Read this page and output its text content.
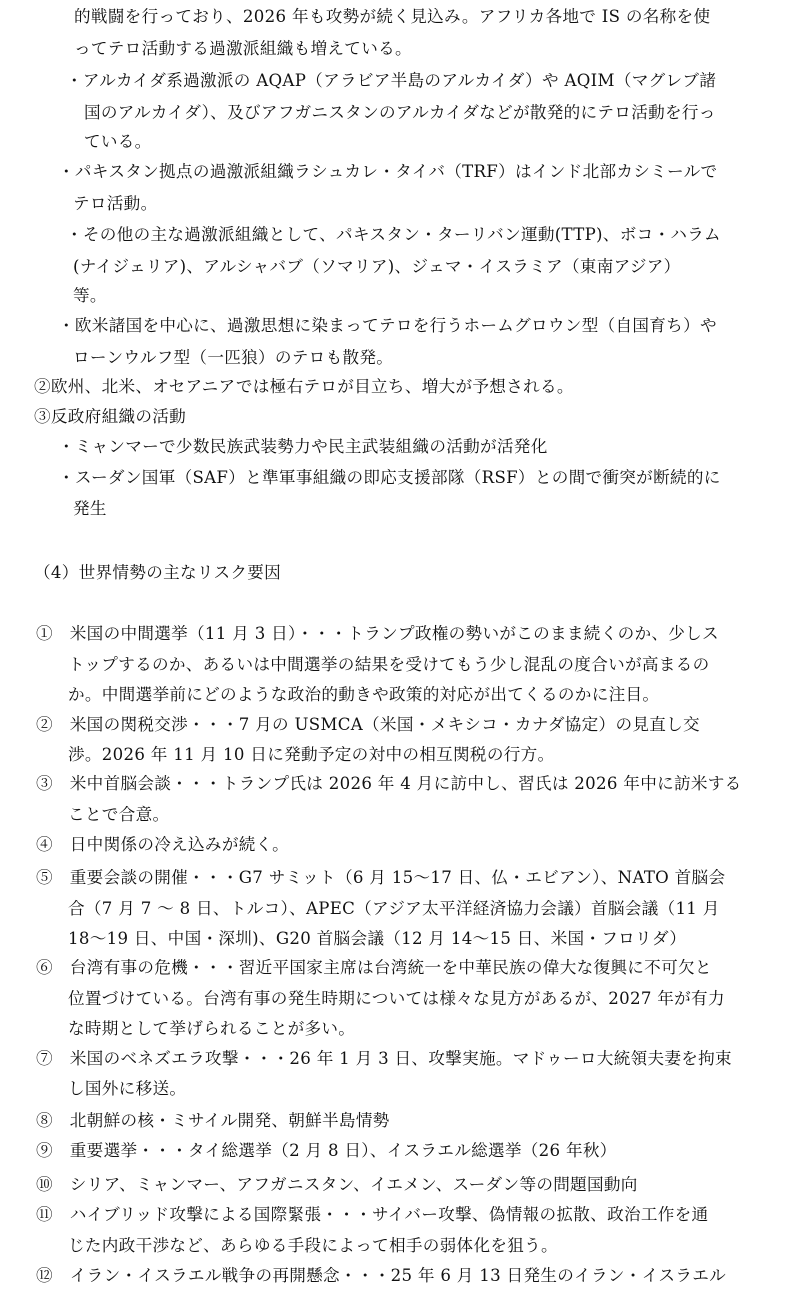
的戦闘を行っており、2026 年も攻勢が続く見込み。アフリカ各地で IS の名称を使
ってテロ活動する過激派組織も増えている。
・アルカイダ系過激派の AQAP（アラビア半島のアルカイダ）や AQIM（マグレブ諸
国のアルカイダ）、及びアフガニスタンのアルカイダなどが散発的にテロ活動を行っ
ている。
・パキスタン拠点の過激派組織ラシュカレ・タイバ（TRF）はインド北部カシミールで
テロ活動。
・その他の主な過激派組織として、パキスタン・ターリバン運動(TTP)、ボコ・ハラム
(ナイジェリア)、アルシャバブ（ソマリア)、ジェマ・イスラミア（東南アジア）
等。
・欧米諸国を中心に、過激思想に染まってテロを行うホームグロウン型（自国育ち）や
ローンウルフ型（一匹狼）のテロも散発。
②欧州、北米、オセアニアでは極右テロが目立ち、増大が予想される。
③反政府組織の活動
・ミャンマーで少数民族武装勢力や民主武装組織の活動が活発化
・スーダン国軍（SAF）と準軍事組織の即応支援部隊（RSF）との間で衝突が断続的に
発生
（4）世界情勢の主なリスク要因
①　米国の中間選挙（11 月 3 日）・・・トランプ政権の勢いがこのまま続くのか、少しス
トップするのか、あるいは中間選挙の結果を受けてもう少し混乱の度合いが高まるの
か。中間選挙前にどのような政治的動きや政策的対応が出てくるのかに注目。
②　米国の関税交渉・・・7 月の USMCA（米国・メキシコ・カナダ協定）の見直し交
渉。2026 年 11 月 10 日に発動予定の対中の相互関税の行方。
③　米中首脳会談・・・トランプ氏は 2026 年 4 月に訪中し、習氏は 2026 年中に訪米する
ことで合意。
④　日中関係の冷え込みが続く。
⑤　重要会談の開催・・・G7 サミット（6 月 15～17 日、仏・エビアン）、NATO 首脳会
合（7 月 7 ～ 8 日、トルコ）、APEC（アジア太平洋経済協力会議）首脳会議（11 月
18～19 日、中国・深圳)、G20 首脳会議（12 月 14～15 日、米国・フロリダ）
⑥　台湾有事の危機・・・習近平国家主席は台湾統一を中華民族の偉大な復興に不可欠と
位置づけている。台湾有事の発生時期については様々な見方があるが、2027 年が有力
な時期として挙げられることが多い。
⑦　米国のベネズエラ攻撃・・・26 年 1 月 3 日、攻撃実施。マドゥーロ大統領夫妻を拘束
し国外に移送。
⑧　北朝鮮の核・ミサイル開発、朝鮮半島情勢
⑨　重要選挙・・・タイ総選挙（2 月 8 日）、イスラエル総選挙（26 年秋）
⑩　シリア、ミャンマー、アフガニスタン、イエメン、スーダン等の問題国動向
⑪　ハイブリッド攻撃による国際緊張・・・サイバー攻撃、偽情報の拡散、政治工作を通
じた内政干渉など、あらゆる手段によって相手の弱体化を狙う。
⑫　イラン・イスラエル戦争の再開懸念・・・25 年 6 月 13 日発生のイラン・イスラエル
